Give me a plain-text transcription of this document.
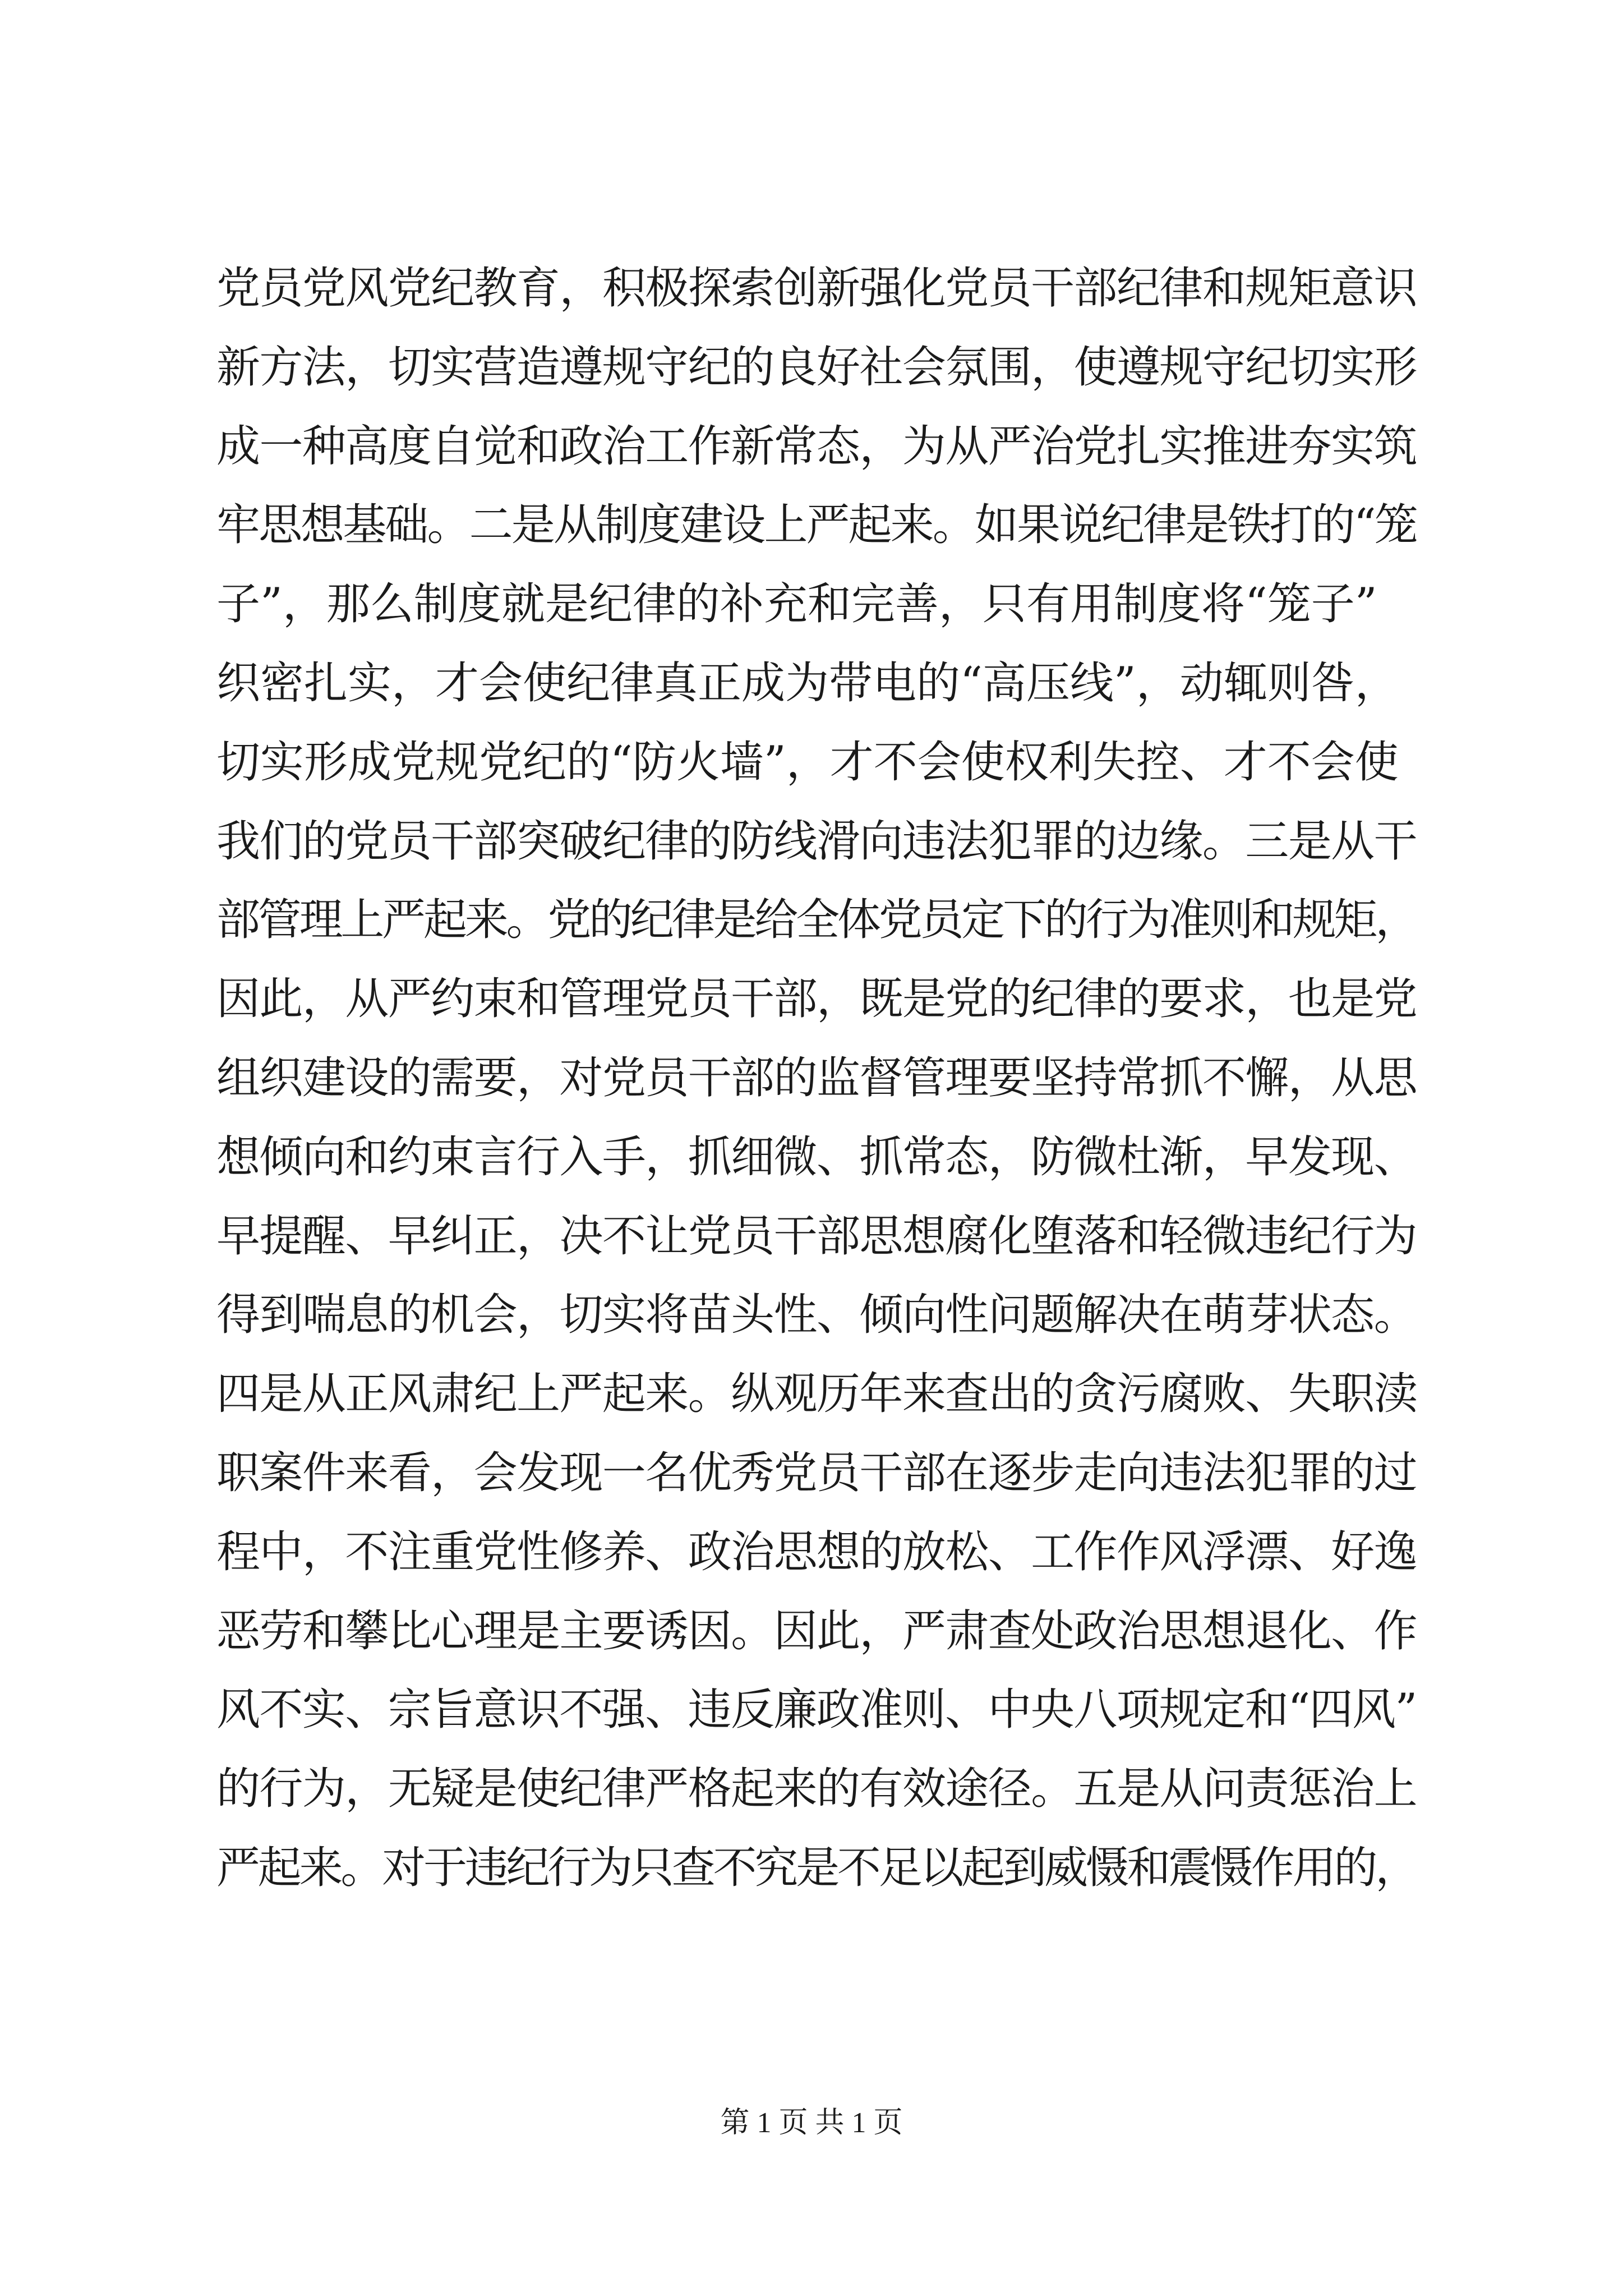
党员党风党纪教育，积极探索创新强化党员干部纪律和规矩意识
新方法，切实营造遵规守纪的良好社会氛围，使遵规守纪切实形
成一种高度自觉和政治工作新常态，为从严治党扎实推进夯实筑
牢思想基础。二是从制度建设上严起来。如果说纪律是铁打的“笼
子”，那么制度就是纪律的补充和完善，只有用制度将“笼子”
织密扎实，才会使纪律真正成为带电的“高压线”，动辄则咎，
切实形成党规党纪的“防火墙”，才不会使权利失控、才不会使
我们的党员干部突破纪律的防线滑向违法犯罪的边缘。三是从干
部管理上严起来。党的纪律是给全体党员定下的行为准则和规矩，
因此，从严约束和管理党员干部，既是党的纪律的要求，也是党
组织建设的需要，对党员干部的监督管理要坚持常抓不懈，从思
想倾向和约束言行入手，抓细微、抓常态，防微杜渐，早发现、
早提醒、早纠正，决不让党员干部思想腐化堕落和轻微违纪行为
得到喘息的机会，切实将苗头性、倾向性问题解决在萌芽状态。
四是从正风肃纪上严起来。纵观历年来查出的贪污腐败、失职渎
职案件来看，会发现一名优秀党员干部在逐步走向违法犯罪的过
程中，不注重党性修养、政治思想的放松、工作作风浮漂、好逸
恶劳和攀比心理是主要诱因。因此，严肃查处政治思想退化、作
风不实、宗旨意识不强、违反廉政准则、中央八项规定和“四风”
的行为，无疑是使纪律严格起来的有效途径。五是从问责惩治上
严起来。对于违纪行为只查不究是不足以起到威慑和震慑作用的，
第 1 页 共 1 页
